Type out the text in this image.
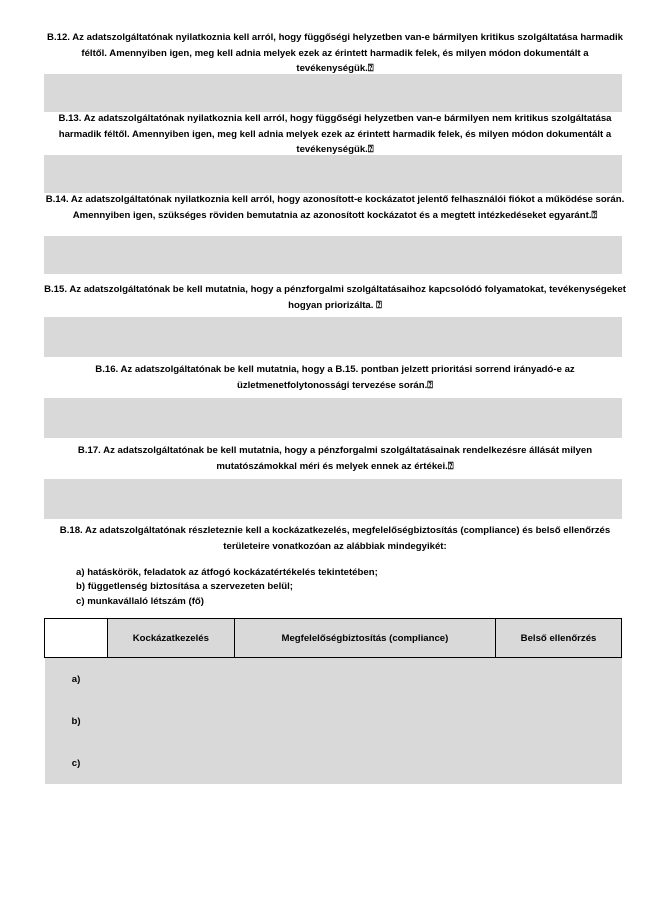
B.12. Az adatszolgáltatónak nyilatkoznia kell arról, hogy függőségi helyzetben van-e bármilyen kritikus szolgáltatása harmadik féltől. Amennyiben igen, meg kell adnia melyek ezek az érintett harmadik felek, és milyen módon dokumentált a tevékenységük.⍰
B.13. Az adatszolgáltatónak nyilatkoznia kell arról, hogy függőségi helyzetben van-e bármilyen nem kritikus szolgáltatása harmadik féltől. Amennyiben igen, meg kell adnia melyek ezek az érintett harmadik felek, és milyen módon dokumentált a tevékenységük.⍰
B.14. Az adatszolgáltatónak nyilatkoznia kell arról, hogy azonosított-e kockázatot jelentő felhasználói fiókot a működése során. Amennyiben igen, szükséges röviden bemutatnia az azonosított kockázatot és a megtett intézkedéseket egyaránt.⍰
B.15. Az adatszolgáltatónak be kell mutatnia, hogy a pénzforgalmi szolgáltatásaihoz kapcsolódó folyamatokat, tevékenységeket hogyan priorizálta. ⍰
B.16. Az adatszolgáltatónak be kell mutatnia, hogy a B.15. pontban jelzett prioritási sorrend irányadó-e az üzletmenetfolytonossági tervezése során.⍰
B.17. Az adatszolgáltatónak be kell mutatnia, hogy a pénzforgalmi szolgáltatásainak rendelkezésre állását milyen mutatószámokkal méri és melyek ennek az értékei.⍰
B.18. Az adatszolgáltatónak részleteznie kell a kockázatkezelés, megfelelőségbiztosítás (compliance) és belső ellenőrzés területeire vonatkozóan az alábbiak mindegyikét:
a) hatáskörök, feladatok az átfogó kockázatértékelés tekintetében;
b) függetlenség biztosítása a szervezeten belül;
c) munkavállaló létszám (fő)
	Kockázatkezelés	Megfelelőségbiztosítás (compliance)	Belső ellenőrzés
a)			
b)			
c)			
